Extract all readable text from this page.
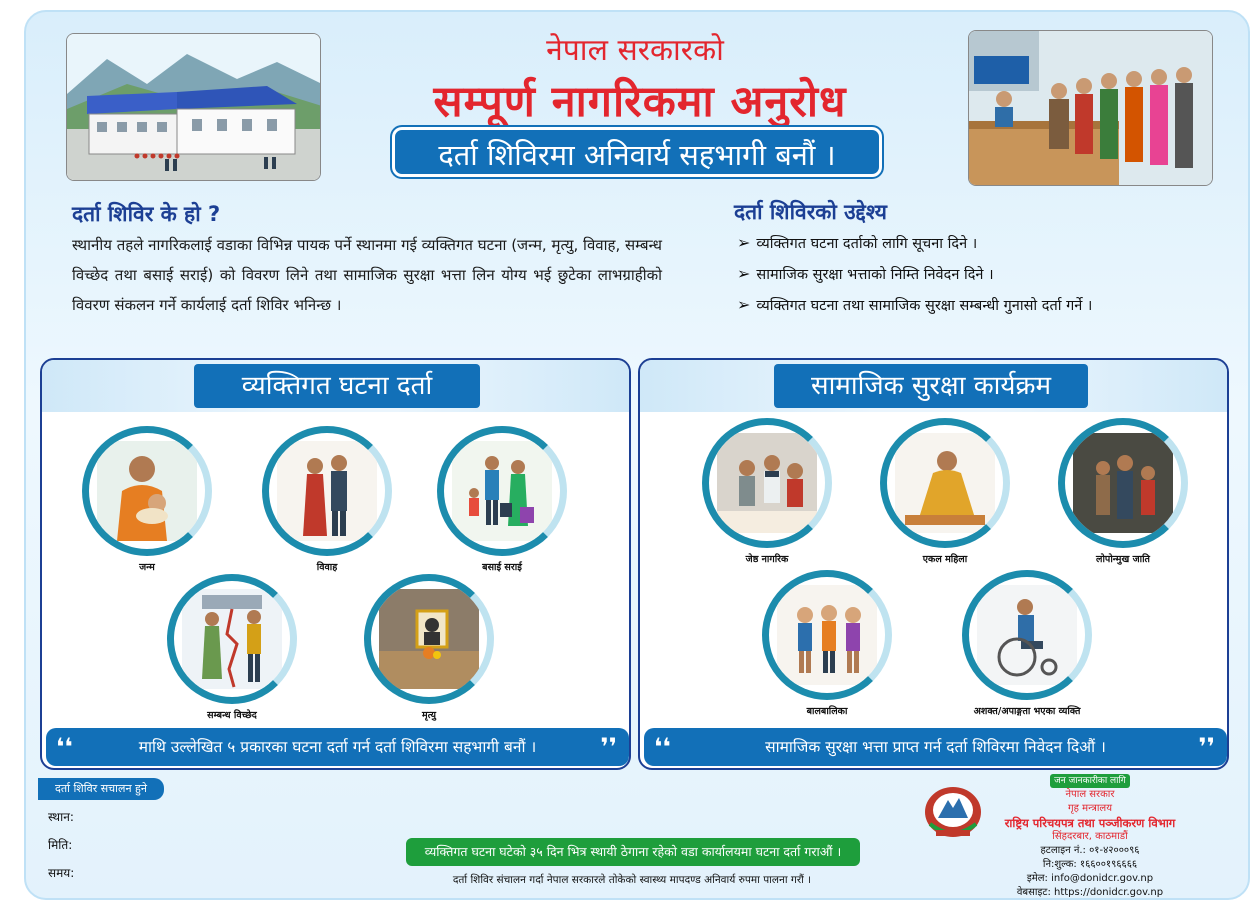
नेपाल सरकारको
सम्पूर्ण नागरिकमा अनुरोध
दर्ता शिविरमा अनिवार्य सहभागी बनौं ।
दर्ता शिविर के हो ?
स्थानीय तहले नागरिकलाई वडाका विभिन्न पायक पर्ने स्थानमा गई व्यक्तिगत घटना (जन्म, मृत्यु, विवाह, सम्बन्ध विच्छेद तथा बसाई सराई) को विवरण लिने तथा सामाजिक सुरक्षा भत्ता लिन योग्य भई छुटेका लाभग्राहीको विवरण संकलन गर्ने कार्यलाई दर्ता शिविर भनिन्छ ।
दर्ता शिविरको उद्देश्य
➢ व्यक्तिगत घटना दर्ताको लागि सूचना दिने ।
➢ सामाजिक सुरक्षा भत्ताको निम्ति निवेदन दिने ।
➢ व्यक्तिगत घटना तथा सामाजिक सुरक्षा सम्बन्धी गुनासो दर्ता गर्ने ।
व्यक्तिगत घटना दर्ता
जन्म	विवाह	बसाई सराई
सम्बन्ध विच्छेद	मृत्यु
❛❛	माथि उल्लेखित ५ प्रकारका घटना दर्ता गर्न दर्ता शिविरमा सहभागी बनौं ।	❜❜
सामाजिक सुरक्षा कार्यक्रम
जेष्ठ नागरिक	एकल महिला	लोपोन्मुख जाति
बालबालिका	अशक्त/अपाङ्गता भएका व्यक्ति
❛❛	सामाजिक सुरक्षा भत्ता प्राप्त गर्न दर्ता शिविरमा निवेदन दिऔं ।	❜❜
दर्ता शिविर सचालन हुने
स्थान:
मिति:
समय:
व्यक्तिगत घटना घटेको ३५ दिन भित्र स्थायी ठेगाना रहेको वडा कार्यालयमा घटना दर्ता गराऔं ।
दर्ता शिविर संचालन गर्दा नेपाल सरकारले तोकेको स्वास्थ्य मापदण्ड अनिवार्य रुपमा पालना गरौं ।
जन जानकारीका लागि
नेपाल सरकार
गृह मन्त्रालय
राष्ट्रिय परिचयपत्र तथा पञ्जीकरण विभाग
सिंहदरबार, काठमाडौं
हटलाइन नं.: ०१-४२०००९६
नि:शुल्क: १६६००१९६६६६
इमेल: info@donidcr.gov.np
वेबसाइट: https://donidcr.gov.np
